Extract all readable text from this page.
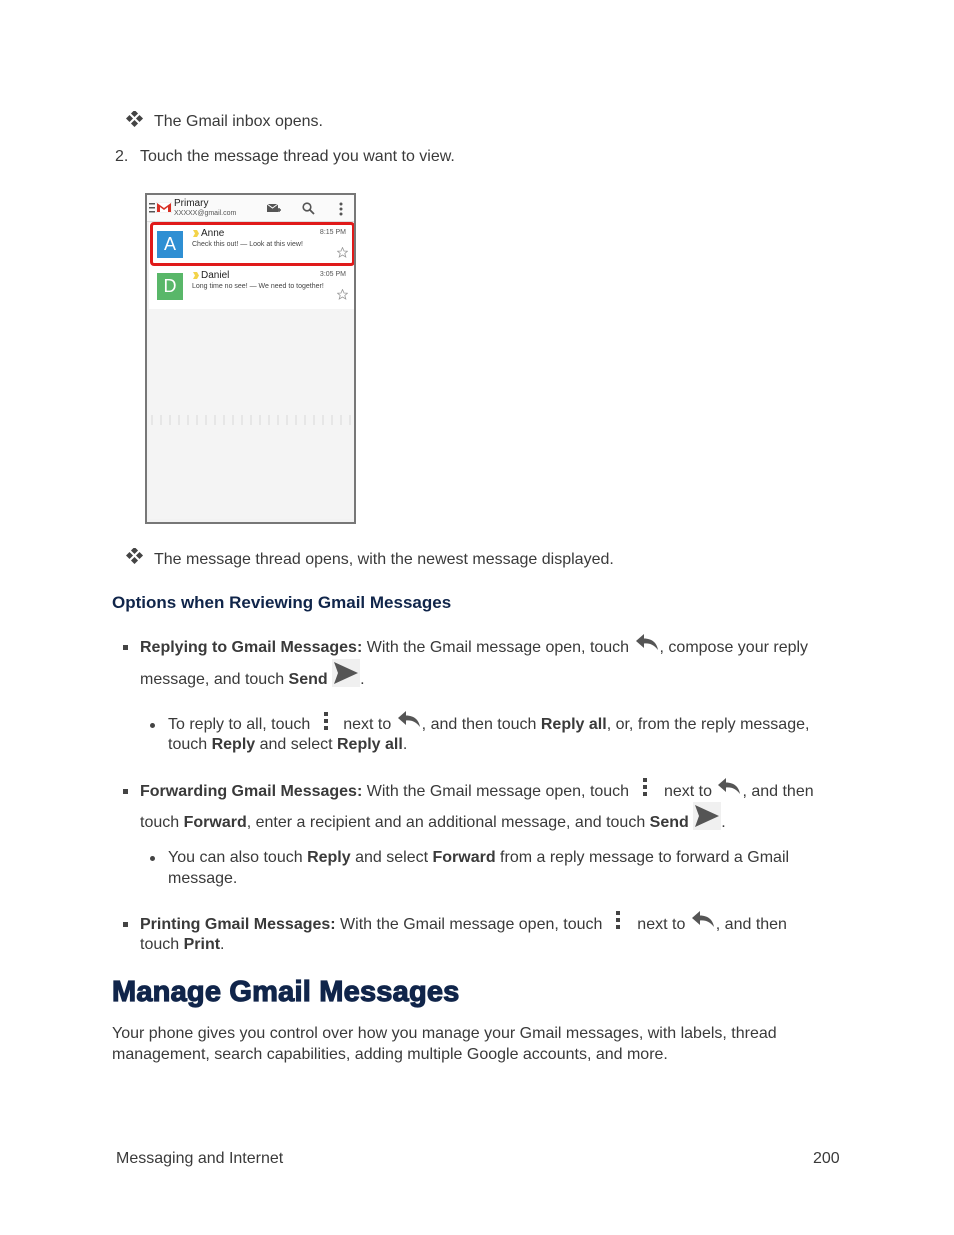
The Gmail inbox opens.
2. Touch the message thread you want to view.
Primary
XXXXX@gmail.com
A
Anne	8:15 PM
Check this out! — Look at this view!
D
Daniel	3:05 PM
Long time no see! — We need to together!
The message thread opens, with the newest message displayed.
Options when Reviewing Gmail Messages
Replying to Gmail Messages: With the Gmail message open, touch , compose your reply
message, and touch Send .
To reply to all, touch  next to , and then touch Reply all, or, from the reply message,
touch Reply and select Reply all.
Forwarding Gmail Messages: With the Gmail message open, touch  next to , and then
touch Forward, enter a recipient and an additional message, and touch Send .
You can also touch Reply and select Forward from a reply message to forward a Gmail
message.
Printing Gmail Messages: With the Gmail message open, touch  next to , and then
touch Print.
Manage Gmail Messages
Your phone gives you control over how you manage your Gmail messages, with labels, thread
management, search capabilities, adding multiple Google accounts, and more.
Messaging and Internet	200
